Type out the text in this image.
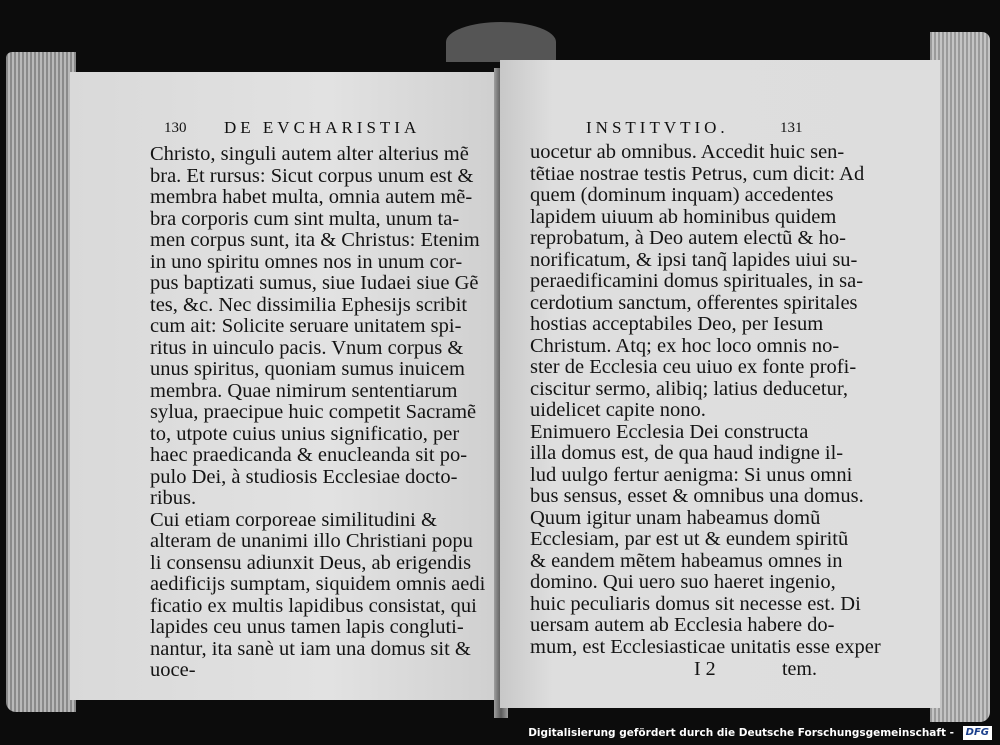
130 DE EVCHARISTIA
Christo, singuli autem alter alterius mẽ
bra. Et rursus: Sicut corpus unum est &
membra habet multa, omnia autem mẽ-
bra corporis cum sint multa, unum ta-
men corpus sunt, ita & Christus: Etenim
in uno spiritu omnes nos in unum cor-
pus baptizati sumus, siue Iudaei siue Gẽ
tes, &c. Nec dissimilia Ephesijs scribit
cum ait: Solicite seruare unitatem spi-
ritus in uinculo pacis. Vnum corpus &
unus spiritus, quoniam sumus inuicem
membra. Quae nimirum sententiarum
sylua, praecipue huic competit Sacramẽ
to, utpote cuius unius significatio, per
haec praedicanda & enucleanda sit po-
pulo Dei, à studiosis Ecclesiae docto-
ribus.
Cui etiam corporeae similitudini &
alteram de unanimi illo Christiani popu
li consensu adiunxit Deus, ab erigendis
aedificijs sumptam, siquidem omnis aedi
ficatio ex multis lapidibus consistat, qui
lapides ceu unus tamen lapis congluti-
nantur, ita sanè ut iam una domus sit &
uoce-
INSTITVTIO.	131
uocetur ab omnibus. Accedit huic sen-
tẽtiae nostrae testis Petrus, cum dicit: Ad
quem (dominum inquam) accedentes
lapidem uiuum ab hominibus quidem
reprobatum, à Deo autem electũ & ho-
norificatum, & ipsi tanq̃ lapides uiui su-
peraedificamini domus spirituales, in sa-
cerdotium sanctum, offerentes spiritales
hostias acceptabiles Deo, per Iesum
Christum. Atq; ex hoc loco omnis no-
ster de Ecclesia ceu uiuo ex fonte profi-
ciscitur sermo, alibiq; latius deducetur,
uidelicet capite nono.
Enimuero Ecclesia Dei constructa
illa domus est, de qua haud indigne il-
lud uulgo fertur aenigma: Si unus omni
bus sensus, esset & omnibus una domus.
Quum igitur unam habeamus domũ
Ecclesiam, par est ut & eundem spiritũ
& eandem mẽtem habeamus omnes in
domino. Qui uero suo haeret ingenio,
huic peculiaris domus sit necesse est. Di
uersam autem ab Ecclesia habere do-
mum, est Ecclesiasticae unitatis esse exper
I 2	tem.
Digitalisierung gefördert durch die Deutsche Forschungsgemeinschaft -	DFG
